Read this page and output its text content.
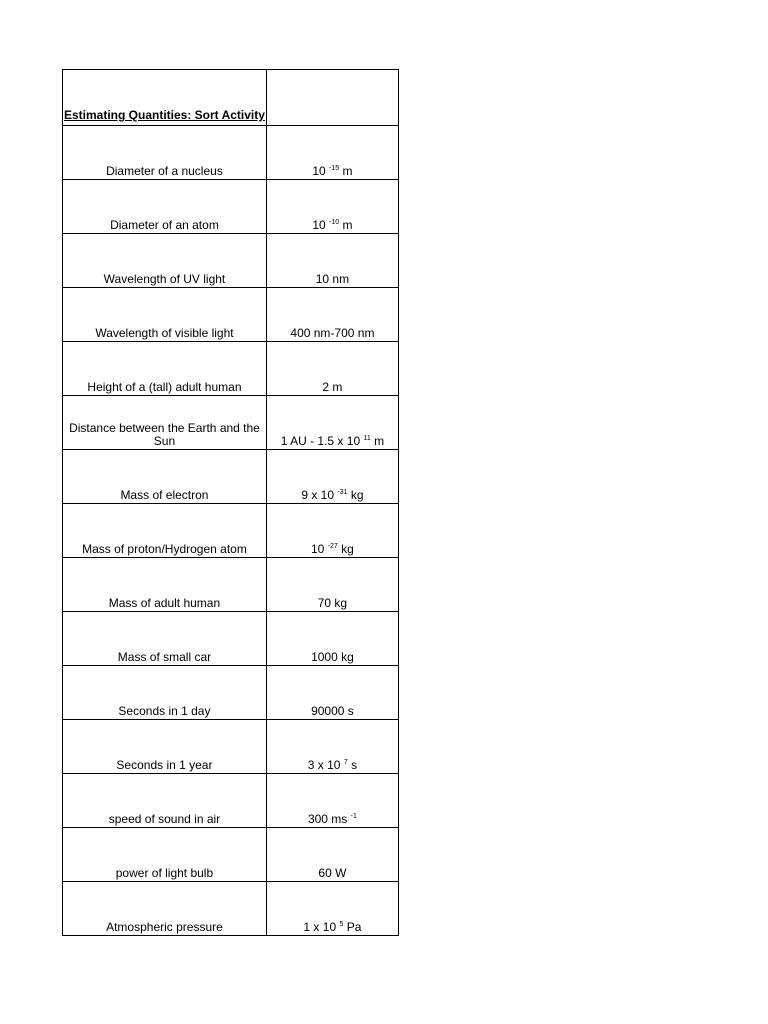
Estimating Quantities: Sort Activity	
Diameter of a nucleus	10 $^{-15}$ m
Diameter of an atom	10 $^{-10}$ m
Wavelength of UV light	10 nm
Wavelength of visible light	400 nm-700 nm
Height of a (tall) adult human	2 m
Distance between the Earth and the Sun	1 AU - 1.5 x 10 $^{11}$ m
Mass of electron	9 x 10 $^{-31}$ kg
Mass of proton/Hydrogen atom	10 $^{-27}$ kg
Mass of adult human	70 kg
Mass of small car	1000 kg
Seconds in 1 day	90000 s
Seconds in 1 year	3 x 10 $^7$ s
speed of sound in air	300 ms $^{-1}$
power of light bulb	60 W
Atmospheric pressure	1 x 10 $^5$ Pa
